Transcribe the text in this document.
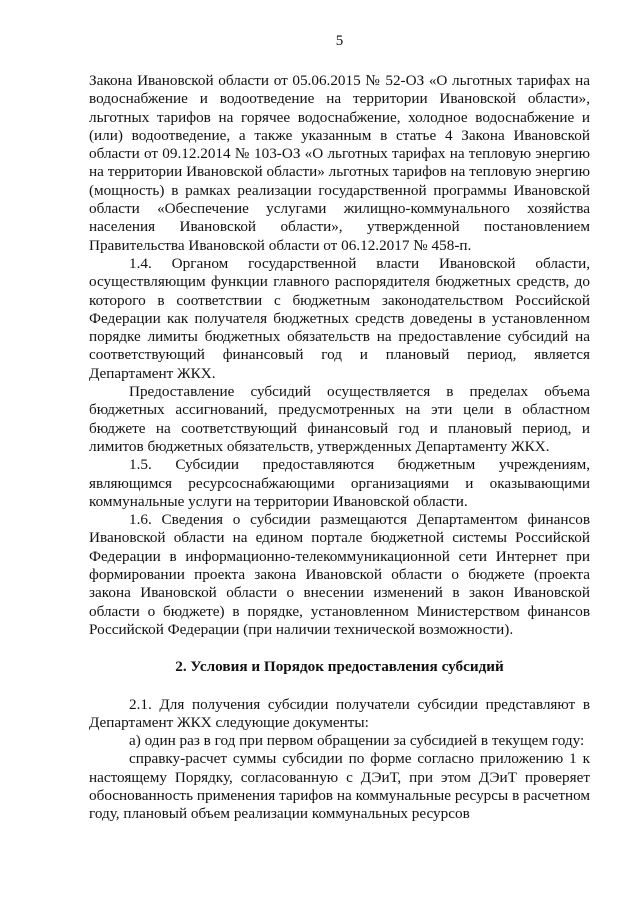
5

Закона Ивановской области от 05.06.2015 № 52-ОЗ «О льготных тарифах на водоснабжение и водоотведение на территории Ивановской области», льготных тарифов на горячее водоснабжение, холодное водоснабжение и (или) водоотведение, а также указанным в статье 4 Закона Ивановской области от 09.12.2014 № 103-ОЗ «О льготных тарифах на тепловую энергию на территории Ивановской области» льготных тарифов на тепловую энергию (мощность) в рамках реализации государственной программы Ивановской области «Обеспечение услугами жилищно-коммунального хозяйства населения Ивановской области», утвержденной постановлением Правительства Ивановской области от 06.12.2017 № 458-п.

1.4. Органом государственной власти Ивановской области, осуществляющим функции главного распорядителя бюджетных средств, до которого в соответствии с бюджетным законодательством Российской Федерации как получателя бюджетных средств доведены в установленном порядке лимиты бюджетных обязательств на предоставление субсидий на соответствующий финансовый год и плановый период, является Департамент ЖКХ.

Предоставление субсидий осуществляется в пределах объема бюджетных ассигнований, предусмотренных на эти цели в областном бюджете на соответствующий финансовый год и плановый период, и лимитов бюджетных обязательств, утвержденных Департаменту ЖКХ.

1.5. Субсидии предоставляются бюджетным учреждениям, являющимся ресурсоснабжающими организациями и оказывающими коммунальные услуги на территории Ивановской области.

1.6. Сведения о субсидии размещаются Департаментом финансов Ивановской области на едином портале бюджетной системы Российской Федерации в информационно-телекоммуникационной сети Интернет при формировании проекта закона Ивановской области о бюджете (проекта закона Ивановской области о внесении изменений в закон Ивановской области о бюджете) в порядке, установленном Министерством финансов Российской Федерации (при наличии технической возможности).

2. Условия и Порядок предоставления субсидий

2.1. Для получения субсидии получатели субсидии представляют в Департамент ЖКХ следующие документы:

а) один раз в год при первом обращении за субсидией в текущем году:

справку-расчет суммы субсидии по форме согласно приложению 1 к настоящему Порядку, согласованную с ДЭиТ, при этом ДЭиТ проверяет обоснованность применения тарифов на коммунальные ресурсы в расчетном году, плановый объем реализации коммунальных ресурсов
